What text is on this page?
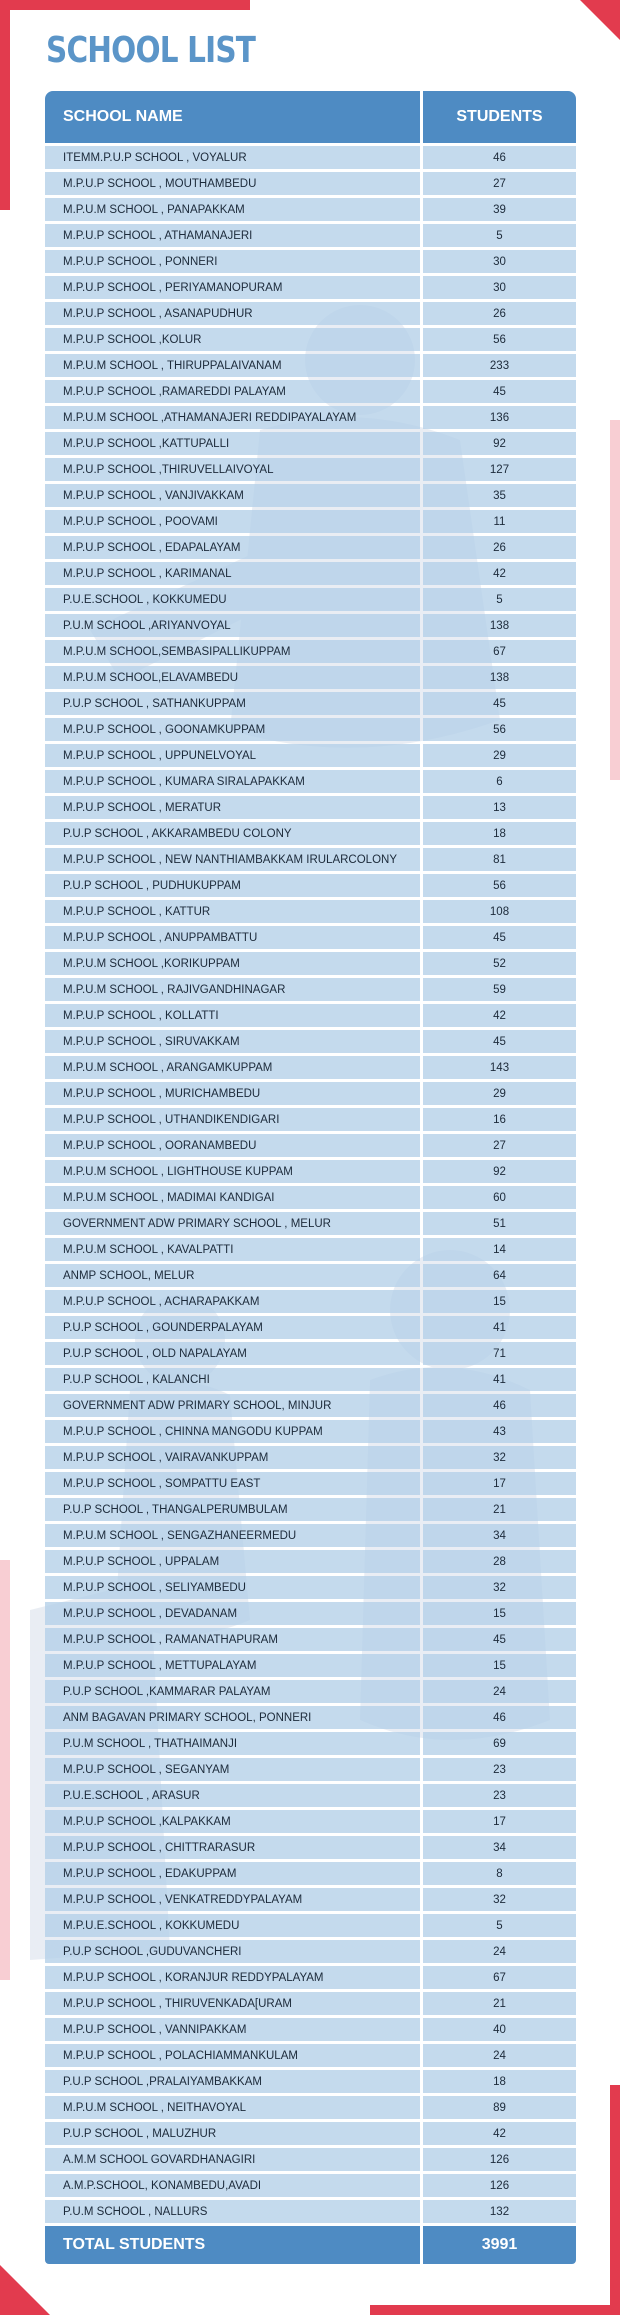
SCHOOL LIST
SCHOOL NAME	STUDENTS
ITEMM.P.U.P SCHOOL , VOYALUR	46
M.P.U.P SCHOOL , MOUTHAMBEDU	27
M.P.U.M SCHOOL , PANAPAKKAM	39
M.P.U.P SCHOOL , ATHAMANAJERI	5
M.P.U.P SCHOOL , PONNERI	30
M.P.U.P SCHOOL , PERIYAMANOPURAM	30
M.P.U.P SCHOOL , ASANAPUDHUR	26
M.P.U.P SCHOOL ,KOLUR	56
M.P.U.M SCHOOL , THIRUPPALAIVANAM	233
M.P.U.P SCHOOL ,RAMAREDDI PALAYAM	45
M.P.U.M SCHOOL ,ATHAMANAJERI REDDIPAYALAYAM	136
M.P.U.P SCHOOL ,KATTUPALLI	92
M.P.U.P SCHOOL ,THIRUVELLAIVOYAL	127
M.P.U.P SCHOOL , VANJIVAKKAM	35
M.P.U.P SCHOOL , POOVAMI	11
M.P.U.P SCHOOL , EDAPALAYAM	26
M.P.U.P SCHOOL , KARIMANAL	42
P.U.E.SCHOOL , KOKKUMEDU	5
P.U.M SCHOOL ,ARIYANVOYAL	138
M.P.U.M SCHOOL,SEMBASIPALLIKUPPAM	67
M.P.U.M SCHOOL,ELAVAMBEDU	138
P.U.P SCHOOL , SATHANKUPPAM	45
M.P.U.P SCHOOL , GOONAMKUPPAM	56
M.P.U.P SCHOOL , UPPUNELVOYAL	29
M.P.U.P SCHOOL , KUMARA SIRALAPAKKAM	6
M.P.U.P SCHOOL , MERATUR	13
P.U.P SCHOOL , AKKARAMBEDU COLONY	18
M.P.U.P SCHOOL , NEW NANTHIAMBAKKAM IRULARCOLONY	81
P.U.P SCHOOL , PUDHUKUPPAM	56
M.P.U.P SCHOOL , KATTUR	108
M.P.U.P SCHOOL , ANUPPAMBATTU	45
M.P.U.M SCHOOL ,KORIKUPPAM	52
M.P.U.M SCHOOL , RAJIVGANDHINAGAR	59
M.P.U.P SCHOOL , KOLLATTI	42
M.P.U.P SCHOOL , SIRUVAKKAM	45
M.P.U.M SCHOOL , ARANGAMKUPPAM	143
M.P.U.P SCHOOL , MURICHAMBEDU	29
M.P.U.P SCHOOL , UTHANDIKENDIGARI	16
M.P.U.P SCHOOL , OORANAMBEDU	27
M.P.U.M SCHOOL , LIGHTHOUSE KUPPAM	92
M.P.U.M SCHOOL , MADIMAI KANDIGAI	60
GOVERNMENT ADW PRIMARY SCHOOL , MELUR	51
M.P.U.M SCHOOL , KAVALPATTI	14
ANMP SCHOOL, MELUR	64
M.P.U.P SCHOOL , ACHARAPAKKAM	15
P.U.P SCHOOL , GOUNDERPALAYAM	41
P.U.P SCHOOL , OLD NAPALAYAM	71
P.U.P SCHOOL , KALANCHI	41
GOVERNMENT ADW PRIMARY SCHOOL, MINJUR	46
M.P.U.P SCHOOL , CHINNA MANGODU KUPPAM	43
M.P.U.P SCHOOL , VAIRAVANKUPPAM	32
M.P.U.P SCHOOL , SOMPATTU EAST	17
P.U.P SCHOOL , THANGALPERUMBULAM	21
M.P.U.M SCHOOL , SENGAZHANEERMEDU	34
M.P.U.P SCHOOL , UPPALAM	28
M.P.U.P SCHOOL , SELIYAMBEDU	32
M.P.U.P SCHOOL , DEVADANAM	15
M.P.U.P SCHOOL , RAMANATHAPURAM	45
M.P.U.P SCHOOL , METTUPALAYAM	15
P.U.P SCHOOL ,KAMMARAR PALAYAM	24
ANM BAGAVAN PRIMARY SCHOOL, PONNERI	46
P.U.M SCHOOL , THATHAIMANJI	69
M.P.U.P SCHOOL , SEGANYAM	23
P.U.E.SCHOOL , ARASUR	23
M.P.U.P SCHOOL ,KALPAKKAM	17
M.P.U.P SCHOOL , CHITTRARASUR	34
M.P.U.P SCHOOL , EDAKUPPAM	8
M.P.U.P SCHOOL , VENKATREDDYPALAYAM	32
M.P.U.E.SCHOOL , KOKKUMEDU	5
P.U.P SCHOOL ,GUDUVANCHERI	24
M.P.U.P SCHOOL , KORANJUR REDDYPALAYAM	67
M.P.U.P SCHOOL , THIRUVENKADA[URAM	21
M.P.U.P SCHOOL , VANNIPAKKAM	40
M.P.U.P SCHOOL , POLACHIAMMANKULAM	24
P.U.P SCHOOL ,PRALAIYAMBAKKAM	18
M.P.U.M SCHOOL , NEITHAVOYAL	89
P.U.P SCHOOL , MALUZHUR	42
A.M.M SCHOOL GOVARDHANAGIRI	126
A.M.P.SCHOOL, KONAMBEDU,AVADI	126
P.U.M SCHOOL , NALLURS	132
TOTAL STUDENTS	3991
